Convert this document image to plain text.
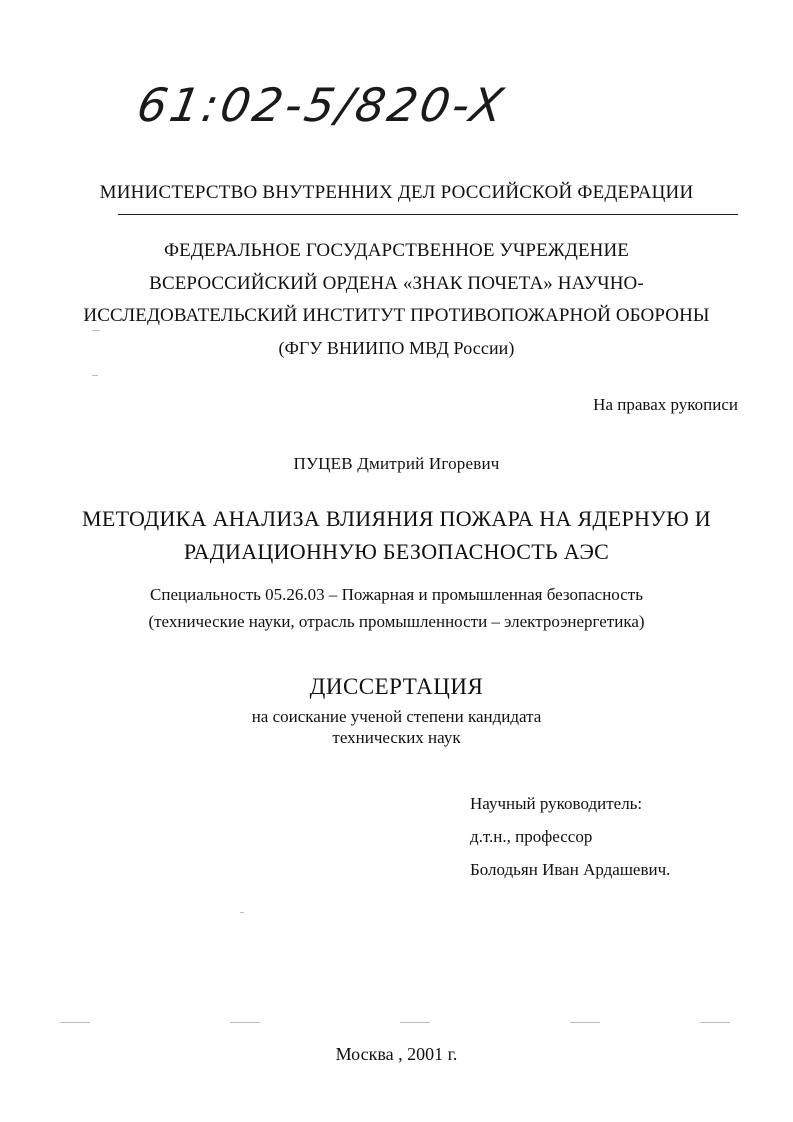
61:02-5/820-X
МИНИСТЕРСТВО ВНУТРЕННИХ ДЕЛ РОССИЙСКОЙ ФЕДЕРАЦИИ
ФЕДЕРАЛЬНОЕ ГОСУДАРСТВЕННОЕ УЧРЕЖДЕНИЕ
ВСЕРОССИЙСКИЙ ОРДЕНА «ЗНАК ПОЧЕТА» НАУЧНО-
ИССЛЕДОВАТЕЛЬСКИЙ ИНСТИТУТ ПРОТИВОПОЖАРНОЙ ОБОРОНЫ
(ФГУ ВНИИПО МВД России)
На правах рукописи
ПУЦЕВ Дмитрий Игоревич
МЕТОДИКА АНАЛИЗА ВЛИЯНИЯ ПОЖАРА НА ЯДЕРНУЮ И
РАДИАЦИОННУЮ БЕЗОПАСНОСТЬ АЭС
Специальность 05.26.03 – Пожарная и промышленная безопасность
(технические науки, отрасль промышленности – электроэнергетика)
ДИССЕРТАЦИЯ
на соискание ученой степени кандидата
технических наук
Научный руководитель:
д.т.н., профессор
Болодьян Иван Ардашевич.
Москва , 2001 г.
